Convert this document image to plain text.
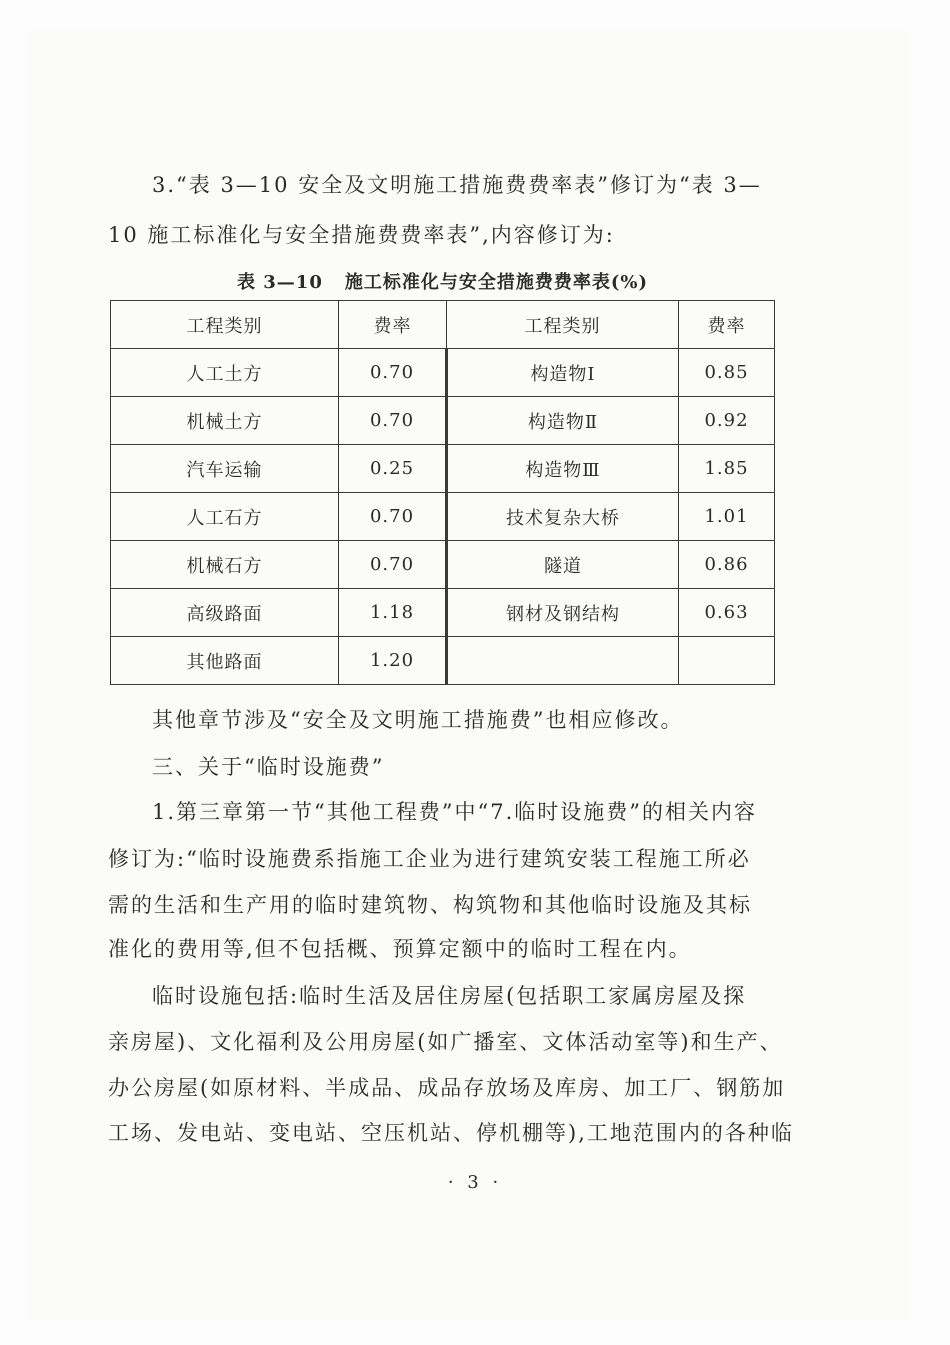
3.“表 3—10 安全及文明施工措施费费率表”修订为“表 3—

10 施工标准化与安全措施费费率表”,内容修订为:

表 3—10 施工标准化与安全措施费费率表(%)
工程类别	费率	工程类别	费率
人工土方	0.70	构造物Ⅰ	0.85
机械土方	0.70	构造物Ⅱ	0.92
汽车运输	0.25	构造物Ⅲ	1.85
人工石方	0.70	技术复杂大桥	1.01
机械石方	0.70	隧道	0.86
高级路面	1.18	钢材及钢结构	0.63
其他路面	1.20		

其他章节涉及“安全及文明施工措施费”也相应修改。

三、关于“临时设施费”

1.第三章第一节“其他工程费”中“7.临时设施费”的相关内容

修订为:“临时设施费系指施工企业为进行建筑安装工程施工所必

需的生活和生产用的临时建筑物、构筑物和其他临时设施及其标

准化的费用等,但不包括概、预算定额中的临时工程在内。

临时设施包括:临时生活及居住房屋(包括职工家属房屋及探

亲房屋)、文化福利及公用房屋(如广播室、文体活动室等)和生产、

办公房屋(如原材料、半成品、成品存放场及库房、加工厂、钢筋加

工场、发电站、变电站、空压机站、停机棚等),工地范围内的各种临

· 3 ·
